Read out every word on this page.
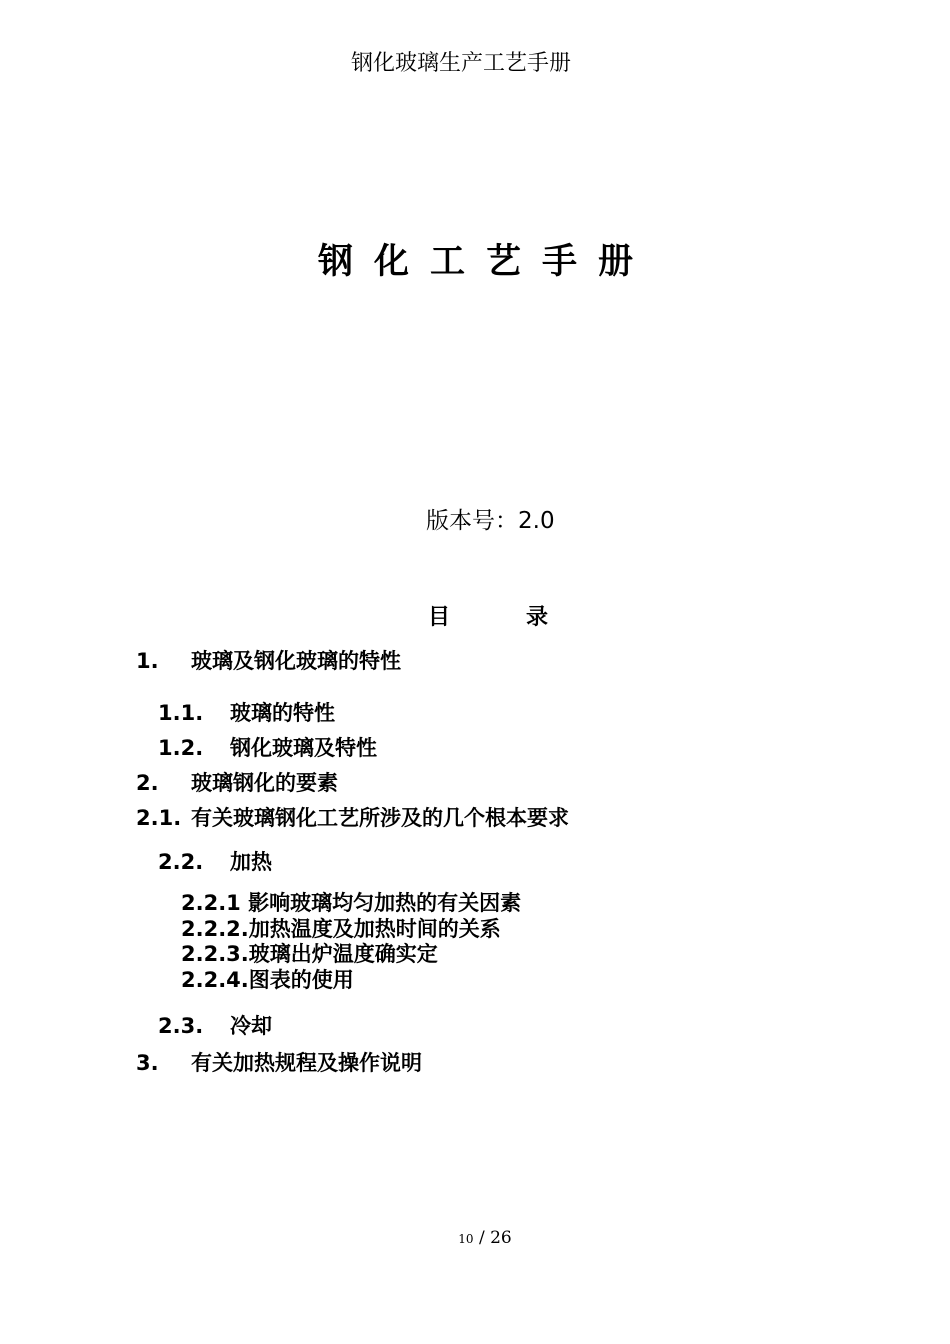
钢化玻璃生产工艺手册
钢化工艺手册
版本号：2.0
目录
1. 玻璃及钢化玻璃的特性
1.1. 玻璃的特性
1.2. 钢化玻璃及特性
2. 玻璃钢化的要素
2.1. 有关玻璃钢化工艺所涉及的几个根本要求
2.2. 加热
2.2.1 影响玻璃均匀加热的有关因素 2.2.2.加热温度及加热时间的关系 2.2.3.玻璃出炉温度确实定
2.2.4.图表的使用
2.3. 冷却
3. 有关加热规程及操作说明
10 / 26
